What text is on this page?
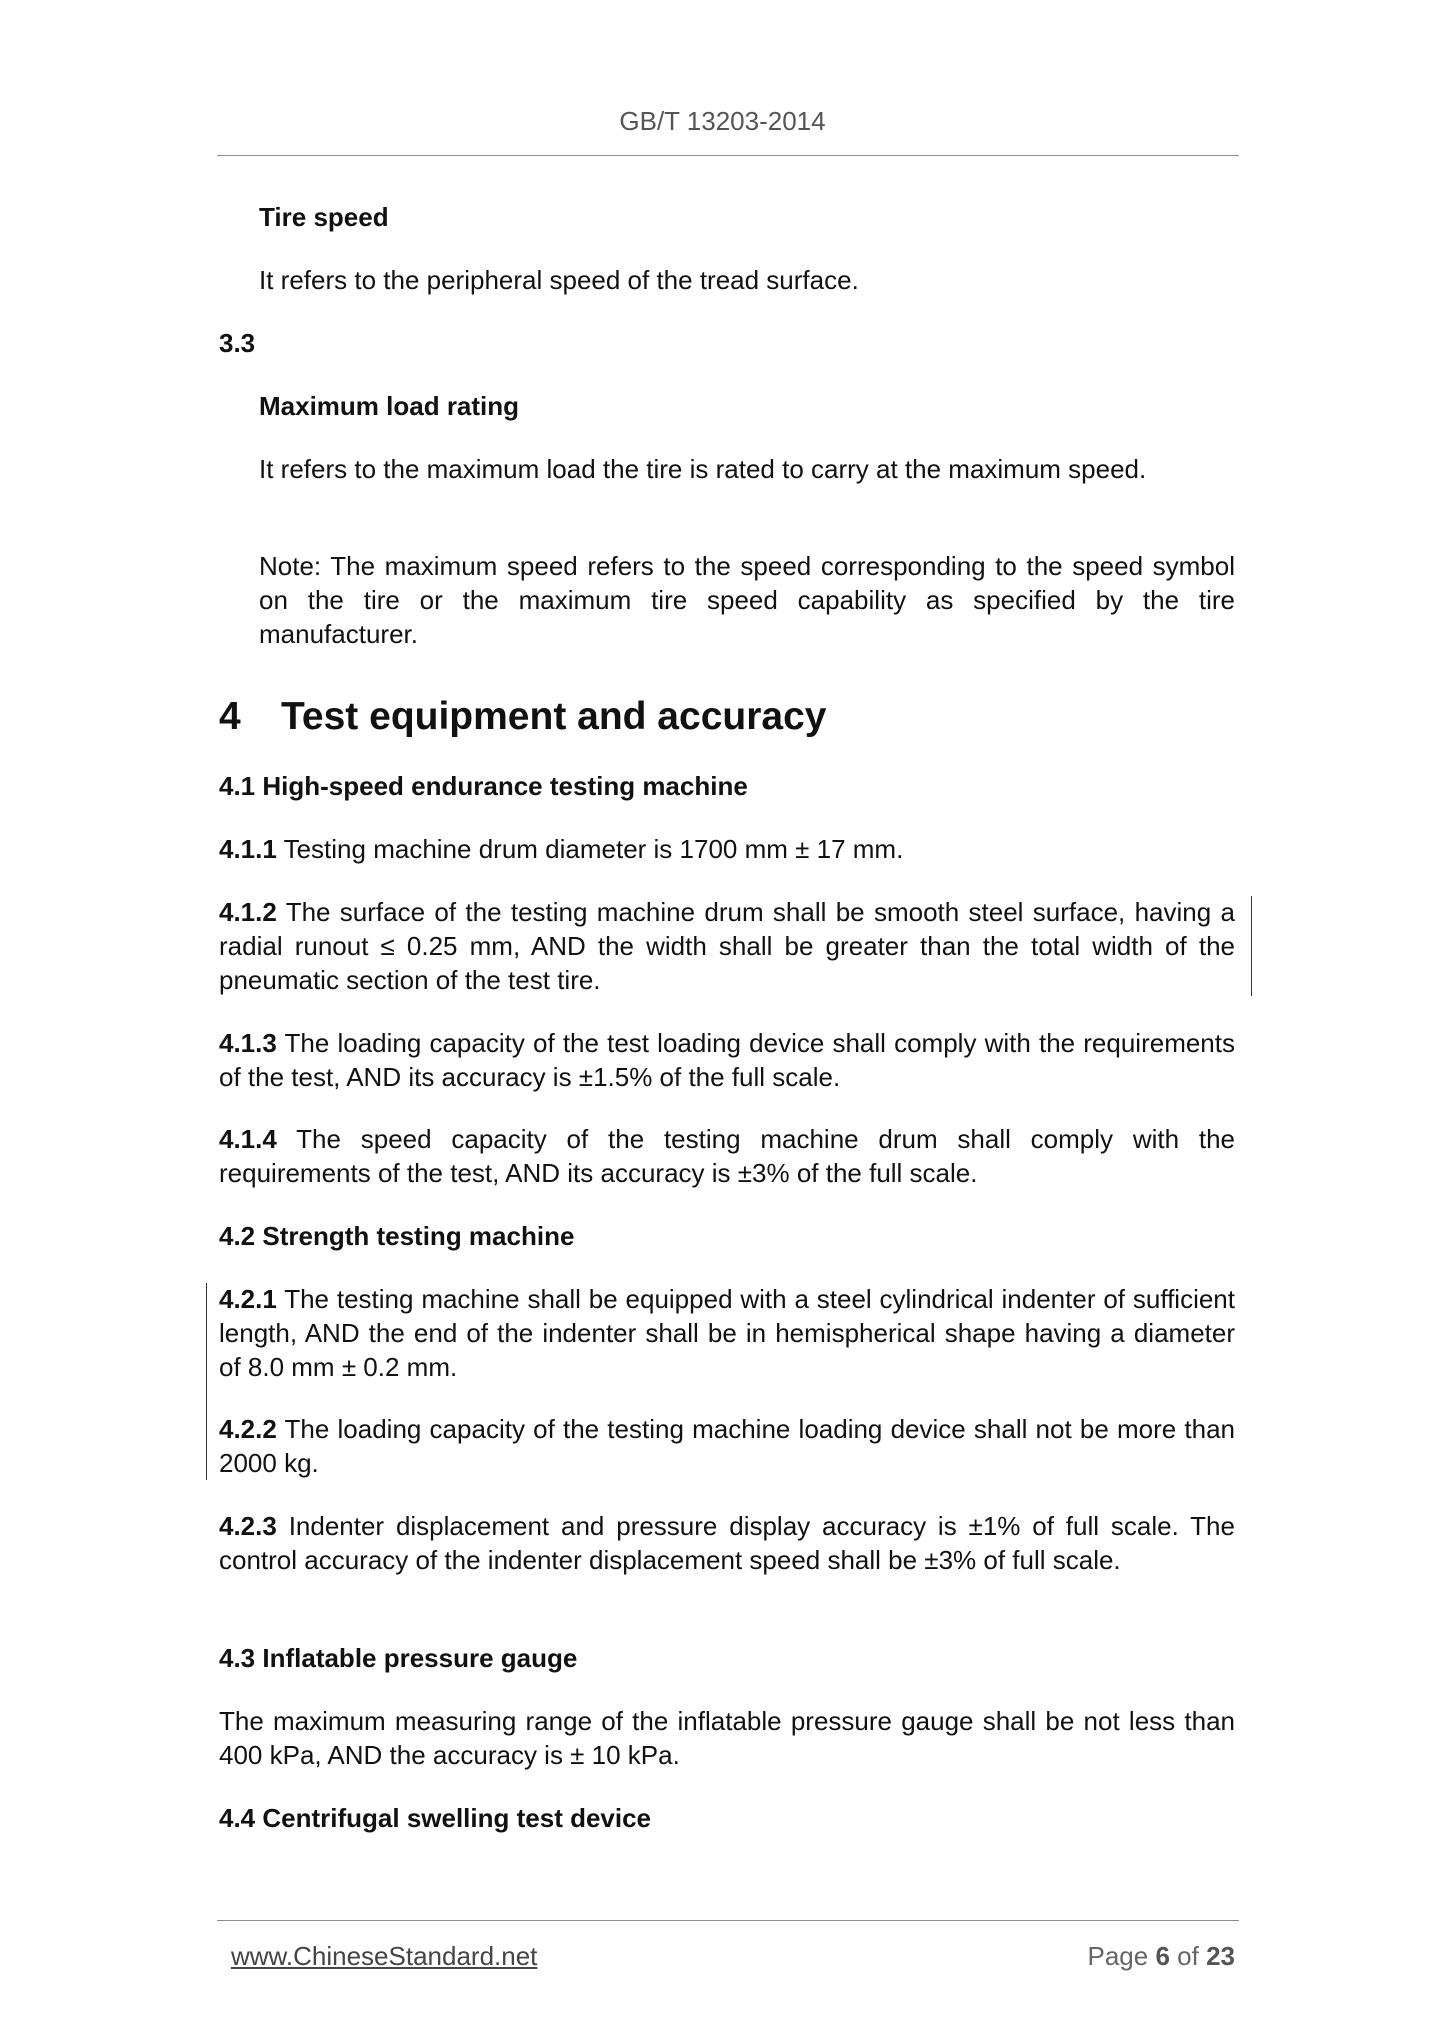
GB/T 13203-2014

Tire speed

It refers to the peripheral speed of the tread surface.

3.3

Maximum load rating

It refers to the maximum load the tire is rated to carry at the maximum speed.

Note: The maximum speed refers to the speed corresponding to the speed symbol on the tire or the maximum tire speed capability as specified by the tire manufacturer.

4 Test equipment and accuracy

4.1 High-speed endurance testing machine

4.1.1 Testing machine drum diameter is 1700 mm ± 17 mm.

4.1.2 The surface of the testing machine drum shall be smooth steel surface, having a radial runout ≤ 0.25 mm, AND the width shall be greater than the total width of the pneumatic section of the test tire.

4.1.3 The loading capacity of the test loading device shall comply with the requirements of the test, AND its accuracy is ±1.5% of the full scale.

4.1.4 The speed capacity of the testing machine drum shall comply with the requirements of the test, AND its accuracy is ±3% of the full scale.

4.2 Strength testing machine

4.2.1 The testing machine shall be equipped with a steel cylindrical indenter of sufficient length, AND the end of the indenter shall be in hemispherical shape having a diameter of 8.0 mm ± 0.2 mm.

4.2.2 The loading capacity of the testing machine loading device shall not be more than 2000 kg.

4.2.3 Indenter displacement and pressure display accuracy is ±1% of full scale. The control accuracy of the indenter displacement speed shall be ±3% of full scale.

4.3 Inflatable pressure gauge

The maximum measuring range of the inflatable pressure gauge shall be not less than 400 kPa, AND the accuracy is ± 10 kPa.

4.4 Centrifugal swelling test device

www.ChineseStandard.net	Page 6 of 23
